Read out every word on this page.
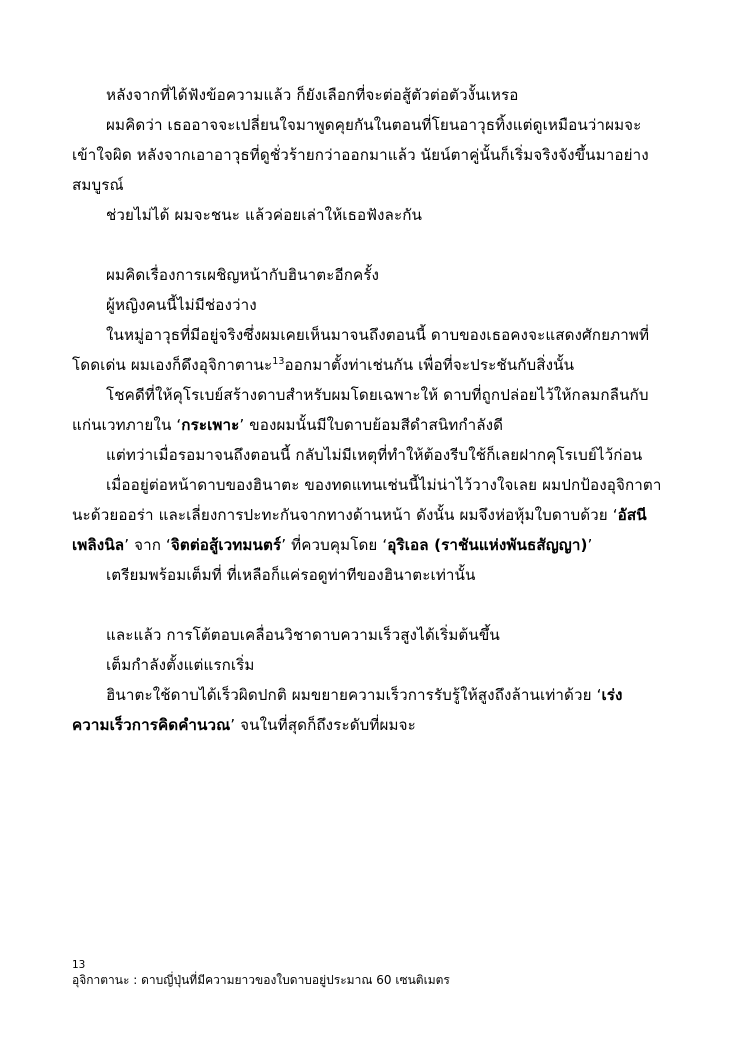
หลังจากที่ได้ฟังข้อความแล้ว ก็ยังเลือกที่จะต่อสู้ตัวต่อตัวงั้นเหรอ

ผมคิดว่า เธออาจจะเปลี่ยนใจมาพูดคุยกันในตอนที่โยนอาวุธทิ้งแต่ดูเหมือนว่าผมจะเข้าใจผิด หลังจากเอาอาวุธที่ดูชั่วร้ายกว่าออกมาแล้ว นัยน์ตาคู่นั้นก็เริ่มจริงจังขึ้นมาอย่างสมบูรณ์

ช่วยไม่ได้ ผมจะชนะ แล้วค่อยเล่าให้เธอฟังละกัน

ผมคิดเรื่องการเผชิญหน้ากับฮินาตะอีกครั้ง

ผู้หญิงคนนี้ไม่มีช่องว่าง

ในหมู่อาวุธที่มีอยู่จริงซึ่งผมเคยเห็นมาจนถึงตอนนี้ ดาบของเธอคงจะแสดงศักยภาพที่โดดเด่น ผมเองก็ดึงอุจิกาตานะ$^{13}$ออกมาตั้งท่าเช่นกัน เพื่อที่จะประชันกับสิ่งนั้น

โชคดีที่ให้คุโรเบย์สร้างดาบสำหรับผมโดยเฉพาะให้ ดาบที่ถูกปล่อยไว้ให้กลมกลืนกับแก่นเวทภายใน ‘กระเพาะ’ ของผมนั้นมีใบดาบย้อมสีดำสนิทกำลังดี

แต่ทว่าเมื่อรอมาจนถึงตอนนี้ กลับไม่มีเหตุที่ทำให้ต้องรีบใช้ก็เลยฝากคุโรเบย์ไว้ก่อน

เมื่ออยู่ต่อหน้าดาบของฮินาตะ ของทดแทนเช่นนี้ไม่น่าไว้วางใจเลย ผมปกป้องอุจิกาตานะด้วยออร่า และเลี่ยงการปะทะกันจากทางด้านหน้า ดังนั้น ผมจึงห่อหุ้มใบดาบด้วย ‘อัสนีเพลิงนิล’ จาก ‘จิตต่อสู้เวทมนตร์’ ที่ควบคุมโดย ‘อุริเอล (ราชันแห่งพันธสัญญา)’

เตรียมพร้อมเต็มที่ ที่เหลือก็แค่รอดูท่าทีของฮินาตะเท่านั้น

และแล้ว การโต้ตอบเคลื่อนวิชาดาบความเร็วสูงได้เริ่มต้นขึ้น

เต็มกำลังตั้งแต่แรกเริ่ม

ฮินาตะใช้ดาบได้เร็วผิดปกติ ผมขยายความเร็วการรับรู้ให้สูงถึงล้านเท่าด้วย ‘เร่งความเร็วการคิดคำนวณ’ จนในที่สุดก็ถึงระดับที่ผมจะ

13
อุจิกาตานะ : ดาบญี่ปุ่นที่มีความยาวของใบดาบอยู่ประมาณ 60 เซนติเมตร
